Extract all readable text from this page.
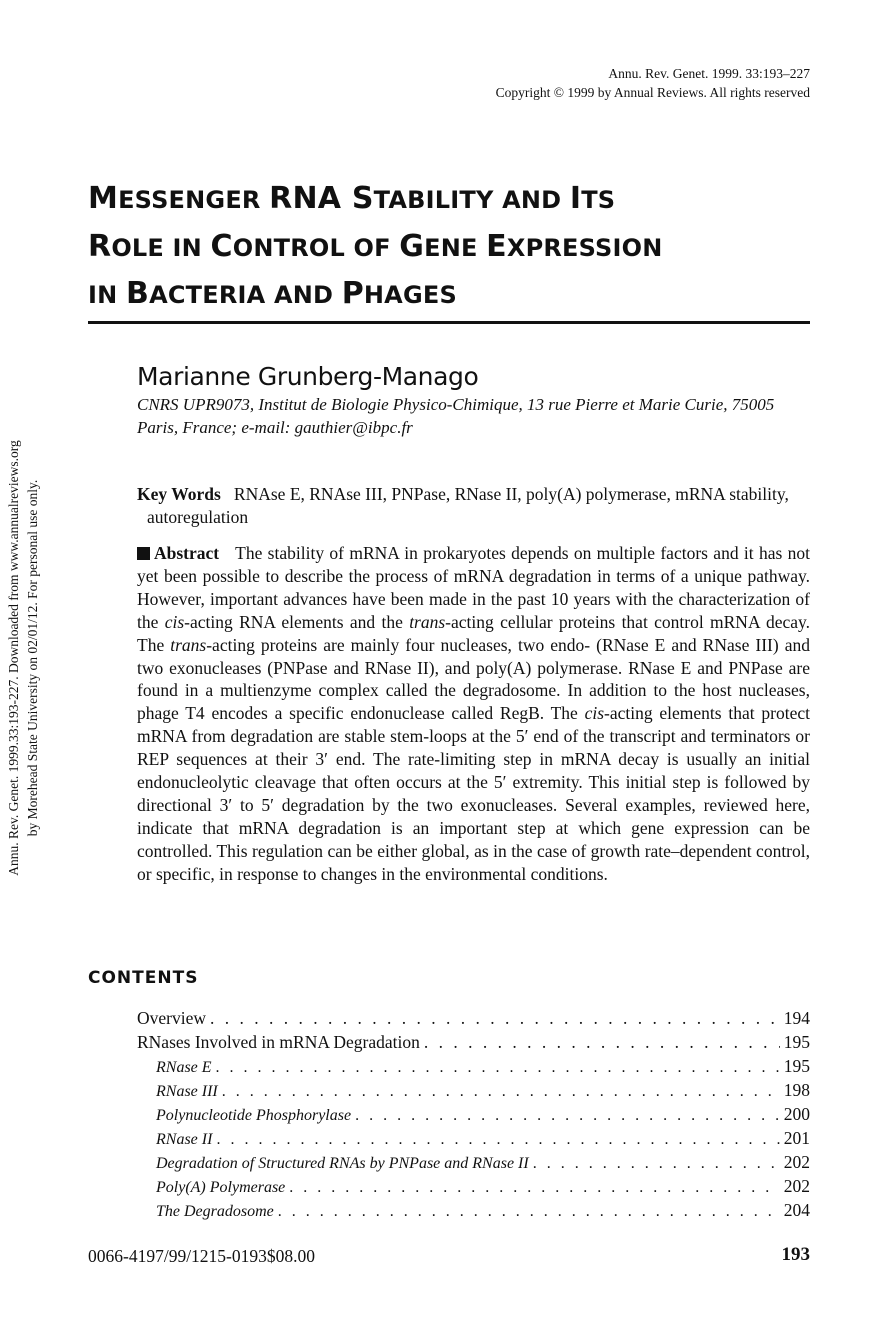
Annu. Rev. Genet. 1999. 33:193–227
Copyright © 1999 by Annual Reviews. All rights reserved
Annu. Rev. Genet. 1999.33:193-227. Downloaded from www.annualreviews.org by Morehead State University on 02/01/12. For personal use only.
MESSENGER RNA STABILITY AND ITS
ROLE IN CONTROL OF GENE EXPRESSION
IN BACTERIA AND PHAGES
Marianne Grunberg-Manago
CNRS UPR9073, Institut de Biologie Physico-Chimique, 13 rue Pierre et Marie Curie, 75005 Paris, France; e-mail: gauthier@ibpc.fr
Key Words RNAse E, RNAse III, PNPase, RNase II, poly(A) polymerase, mRNA stability, autoregulation
Abstract The stability of mRNA in prokaryotes depends on multiple factors and it has not yet been possible to describe the process of mRNA degradation in terms of a unique pathway. However, important advances have been made in the past 10 years with the characterization of the cis-acting RNA elements and the trans-acting cellular proteins that control mRNA decay. The trans-acting proteins are mainly four nucleases, two endo- (RNase E and RNase III) and two exonucleases (PNPase and RNase II), and poly(A) polymerase. RNase E and PNPase are found in a multienzyme complex called the degradosome. In addition to the host nucleases, phage T4 encodes a specific endonuclease called RegB. The cis-acting elements that protect mRNA from degradation are stable stem-loops at the 5′ end of the transcript and terminators or REP sequences at their 3′ end. The rate-limiting step in mRNA decay is usually an initial endonucleolytic cleavage that often occurs at the 5′ extremity. This initial step is followed by directional 3′ to 5′ degradation by the two exonucleases. Several examples, reviewed here, indicate that mRNA degradation is an important step at which gene expression can be controlled. This regulation can be either global, as in the case of growth rate–dependent control, or specific, in response to changes in the environmental conditions.
CONTENTS
Overview . . .	194
RNases Involved in mRNA Degradation . . .	195
RNase E . . .	195
RNase III . . .	198
Polynucleotide Phosphorylase . . .	200
RNase II . . .	201
Degradation of Structured RNAs by PNPase and RNase II . . .	202
Poly(A) Polymerase . . .	202
The Degradosome . . .	204
0066-4197/99/1215-0193$08.00	193
